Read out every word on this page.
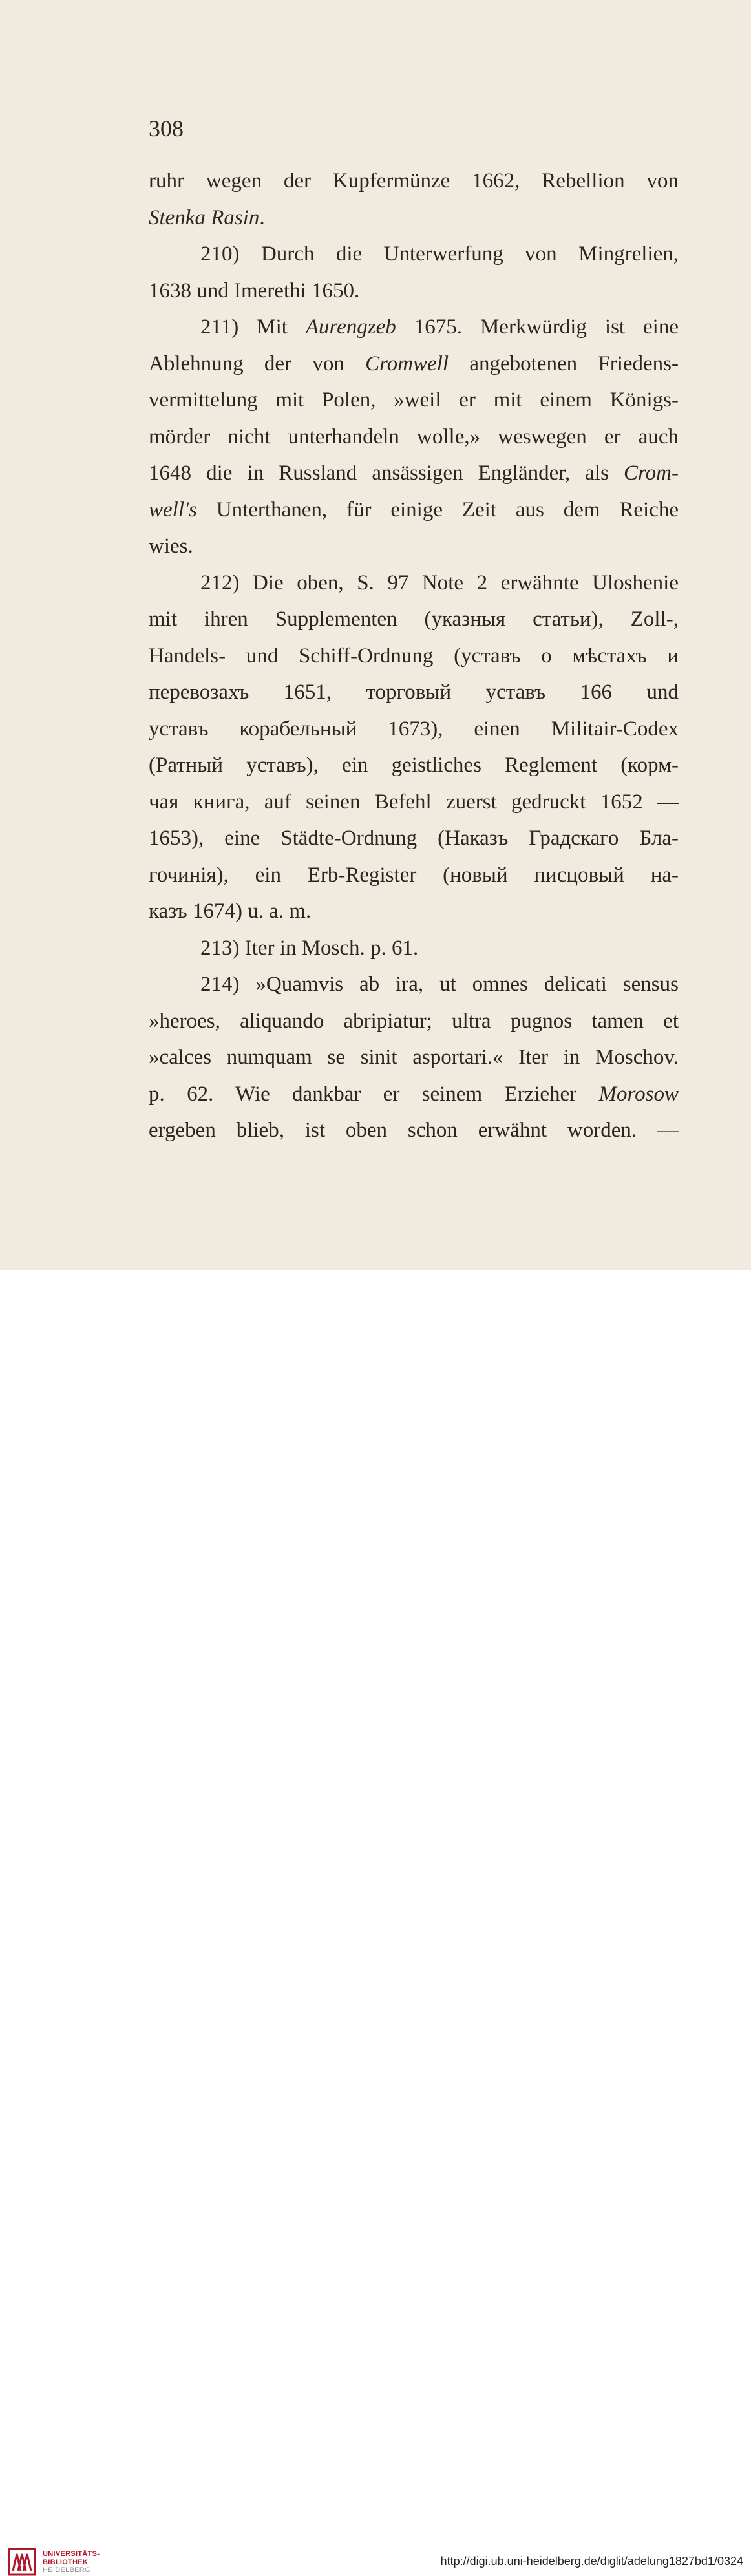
308
ruhr wegen der Kupfermünze 1662, Rebellion von
Stenka Rasin.
210) Durch die Unterwerfung von Mingrelien,
1638 und Imerethi 1650.
211) Mit Aurengzeb 1675. Merkwürdig ist eine
Ablehnung der von Cromwell angebotenen Friedens-
vermittelung mit Polen, »weil er mit einem Königs-
mörder nicht unterhandeln wolle,» weswegen er auch
1648 die in Russland ansässigen Engländer, als Crom-
well's Unterthanen, für einige Zeit aus dem Reiche
wies.
212) Die oben, S. 97 Note 2 erwähnte Uloshenie
mit ihren Supplementen (указныя статьи), Zoll-,
Handels- und Schiff-Ordnung (уставъ о мѣстахъ и
перевозахъ 1651, торговый уставъ 166 und
уставъ корабельный 1673), einen Militair-Codex
(Ратный уставъ), ein geistliches Reglement (корм-
чая книга, auf seinen Befehl zuerst gedruckt 1652 —
1653), eine Städte-Ordnung (Наказъ Градскаго Бла-
гочинія), ein Erb-Register (новый писцовый на-
казъ 1674) u. a. m.
213) Iter in Mosch. p. 61.
214) »Quamvis ab ira, ut omnes delicati sensus
»heroes, aliquando abripiatur; ultra pugnos tamen et
»calces numquam se sinit asportari.« Iter in Moschov.
p. 62. Wie dankbar er seinem Erzieher Morosow
ergeben blieb, ist oben schon erwähnt worden. —
UNIVERSITÄTS-
BIBLIOTHEK
HEIDELBERG
http://digi.ub.uni-heidelberg.de/diglit/adelung1827bd1/0324
